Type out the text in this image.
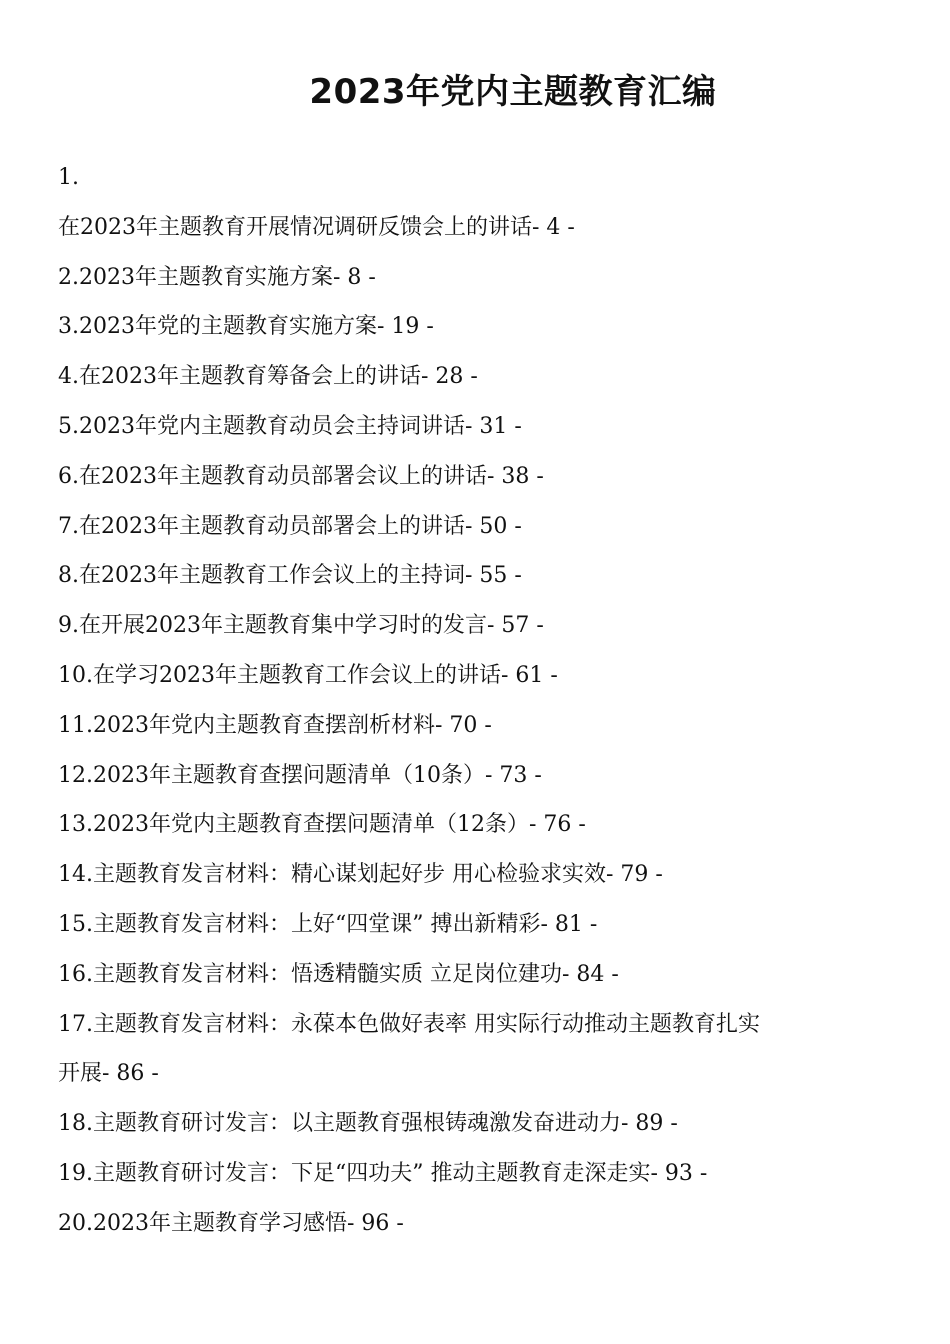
2023年党内主题教育汇编
1.
在2023年主题教育开展情况调研反馈会上的讲话- 4 -
2.2023年主题教育实施方案- 8 -
3.2023年党的主题教育实施方案- 19 -
4.在2023年主题教育筹备会上的讲话- 28 -
5.2023年党内主题教育动员会主持词讲话- 31 -
6.在2023年主题教育动员部署会议上的讲话- 38 -
7.在2023年主题教育动员部署会上的讲话- 50 -
8.在2023年主题教育工作会议上的主持词- 55 -
9.在开展2023年主题教育集中学习时的发言- 57 -
10.在学习2023年主题教育工作会议上的讲话- 61 -
11.2023年党内主题教育查摆剖析材料- 70 -
12.2023年主题教育查摆问题清单（10条）- 73 -
13.2023年党内主题教育查摆问题清单（12条）- 76 -
14.主题教育发言材料：精心谋划起好步 用心检验求实效- 79 -
15.主题教育发言材料：上好“四堂课” 搏出新精彩- 81 -
16.主题教育发言材料：悟透精髓实质 立足岗位建功- 84 -
17.主题教育发言材料：永葆本色做好表率 用实际行动推动主题教育扎实
开展- 86 -
18.主题教育研讨发言：以主题教育强根铸魂激发奋进动力- 89 -
19.主题教育研讨发言：下足“四功夫” 推动主题教育走深走实- 93 -
20.2023年主题教育学习感悟- 96 -
